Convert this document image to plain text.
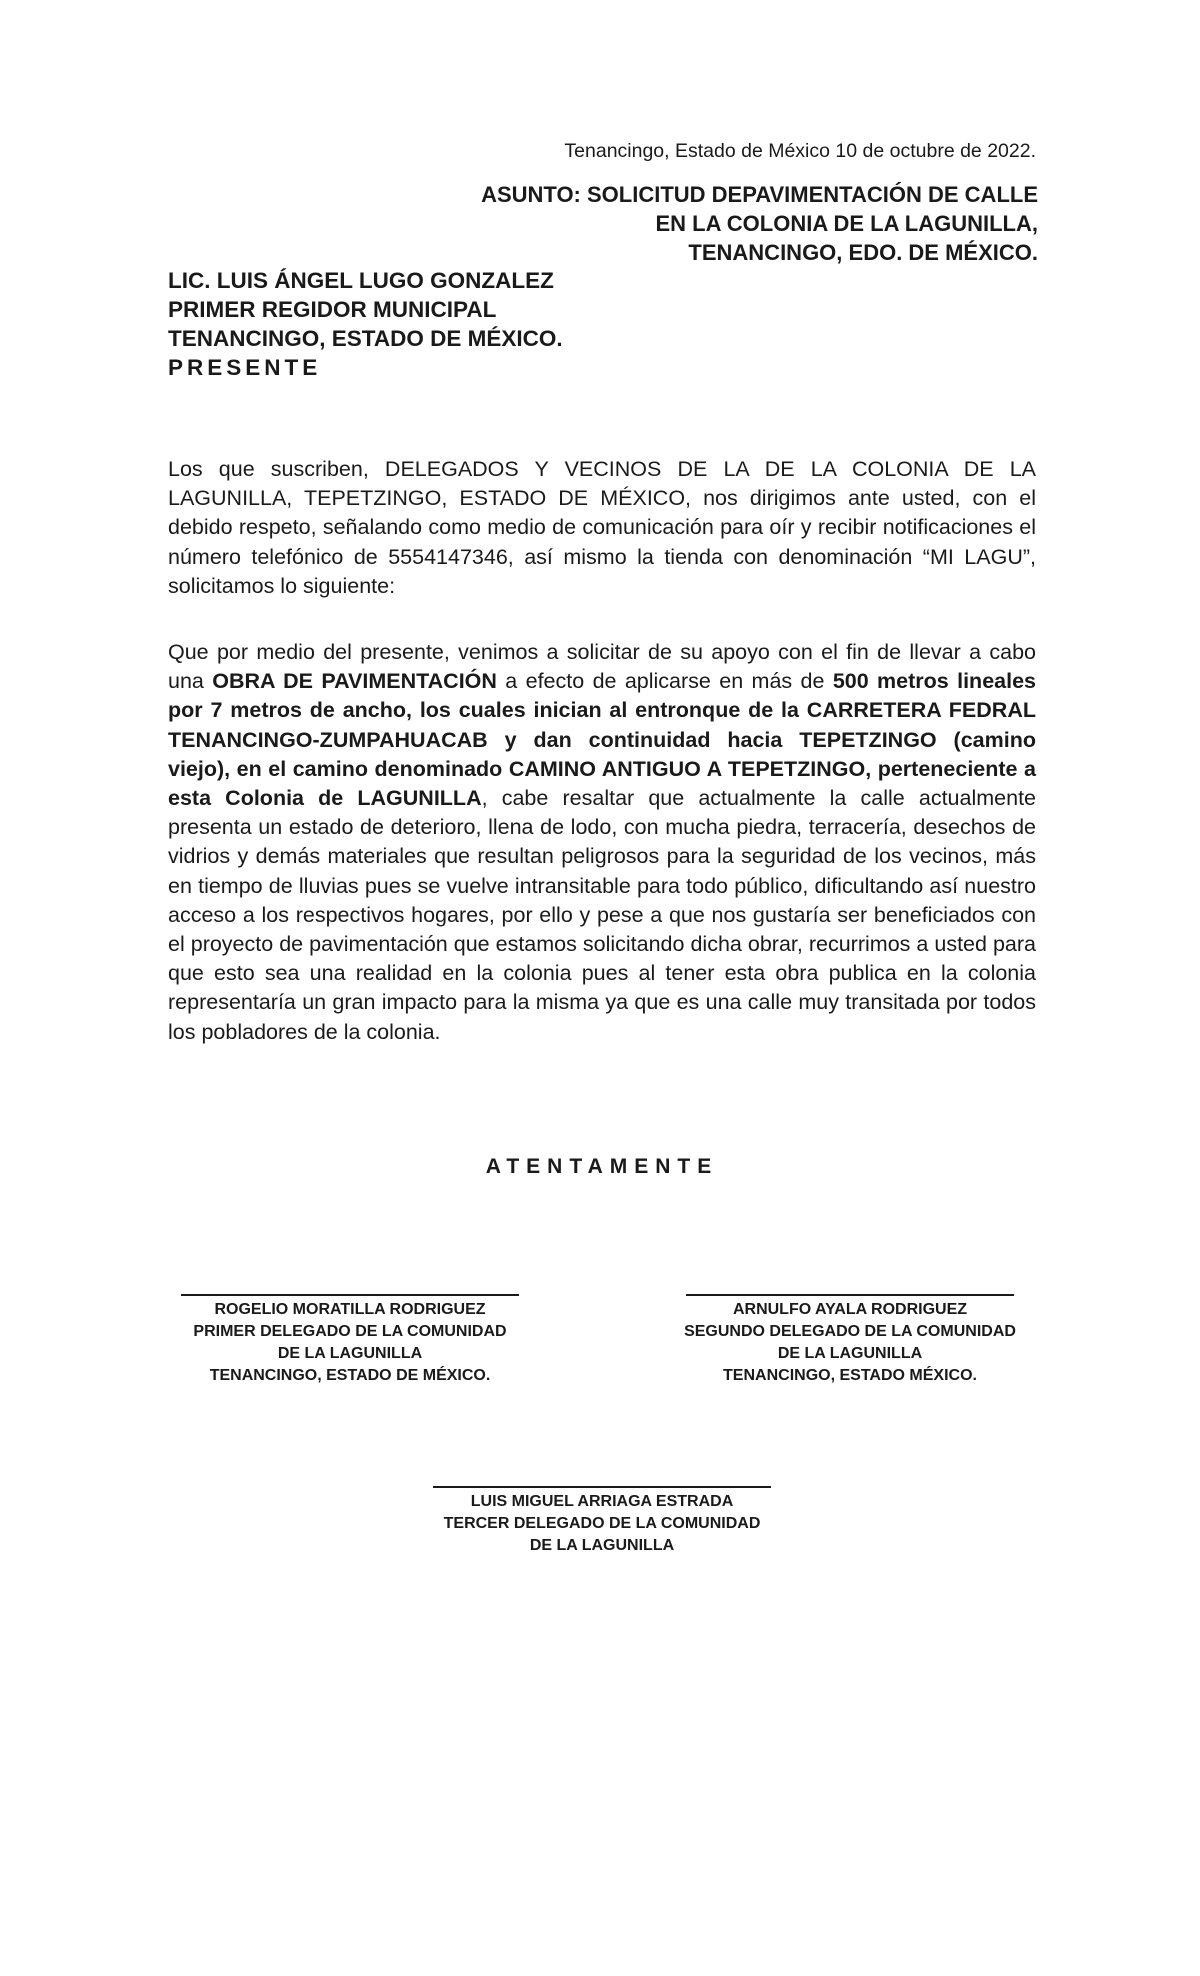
Tenancingo, Estado de México 10 de octubre de 2022.
ASUNTO: SOLICITUD DEPAVIMENTACIÓN DE CALLE
EN LA COLONIA DE LA LAGUNILLA,
TENANCINGO, EDO. DE MÉXICO.
LIC. LUIS ÁNGEL LUGO GONZALEZ
PRIMER REGIDOR MUNICIPAL
TENANCINGO, ESTADO DE MÉXICO.
PRESENTE
Los que suscriben, DELEGADOS Y VECINOS DE LA DE LA COLONIA DE LA LAGUNILLA, TEPETZINGO, ESTADO DE MÉXICO, nos dirigimos ante usted, con el debido respeto, señalando como medio de comunicación para oír y recibir notificaciones el número telefónico de 5554147346, así mismo la tienda con denominación “MI LAGU”, solicitamos lo siguiente:
Que por medio del presente, venimos a solicitar de su apoyo con el fin de llevar a cabo una OBRA DE PAVIMENTACIÓN a efecto de aplicarse en más de 500 metros lineales por 7 metros de ancho, los cuales inician al entronque de la CARRETERA FEDRAL TENANCINGO-ZUMPAHUACAB y dan continuidad hacia TEPETZINGO (camino viejo), en el camino denominado CAMINO ANTIGUO A TEPETZINGO, perteneciente a esta Colonia de LAGUNILLA, cabe resaltar que actualmente la calle actualmente presenta un estado de deterioro, llena de lodo, con mucha piedra, terracería, desechos de vidrios y demás materiales que resultan peligrosos para la seguridad de los vecinos, más en tiempo de lluvias pues se vuelve intransitable para todo público, dificultando así nuestro acceso a los respectivos hogares, por ello y pese a que nos gustaría ser beneficiados con el proyecto de pavimentación que estamos solicitando dicha obrar, recurrimos a usted para que esto sea una realidad en la colonia pues al tener esta obra publica en la colonia representaría un gran impacto para la misma ya que es una calle muy transitada por todos los pobladores de la colonia.
ATENTAMENTE
ROGELIO MORATILLA RODRIGUEZ
PRIMER DELEGADO DE LA COMUNIDAD
DE LA LAGUNILLA
TENANCINGO, ESTADO DE MÉXICO.
ARNULFO AYALA RODRIGUEZ
SEGUNDO DELEGADO DE LA COMUNIDAD
DE LA LAGUNILLA
TENANCINGO, ESTADO MÉXICO.
LUIS MIGUEL ARRIAGA ESTRADA
TERCER DELEGADO DE LA COMUNIDAD
DE LA LAGUNILLA
